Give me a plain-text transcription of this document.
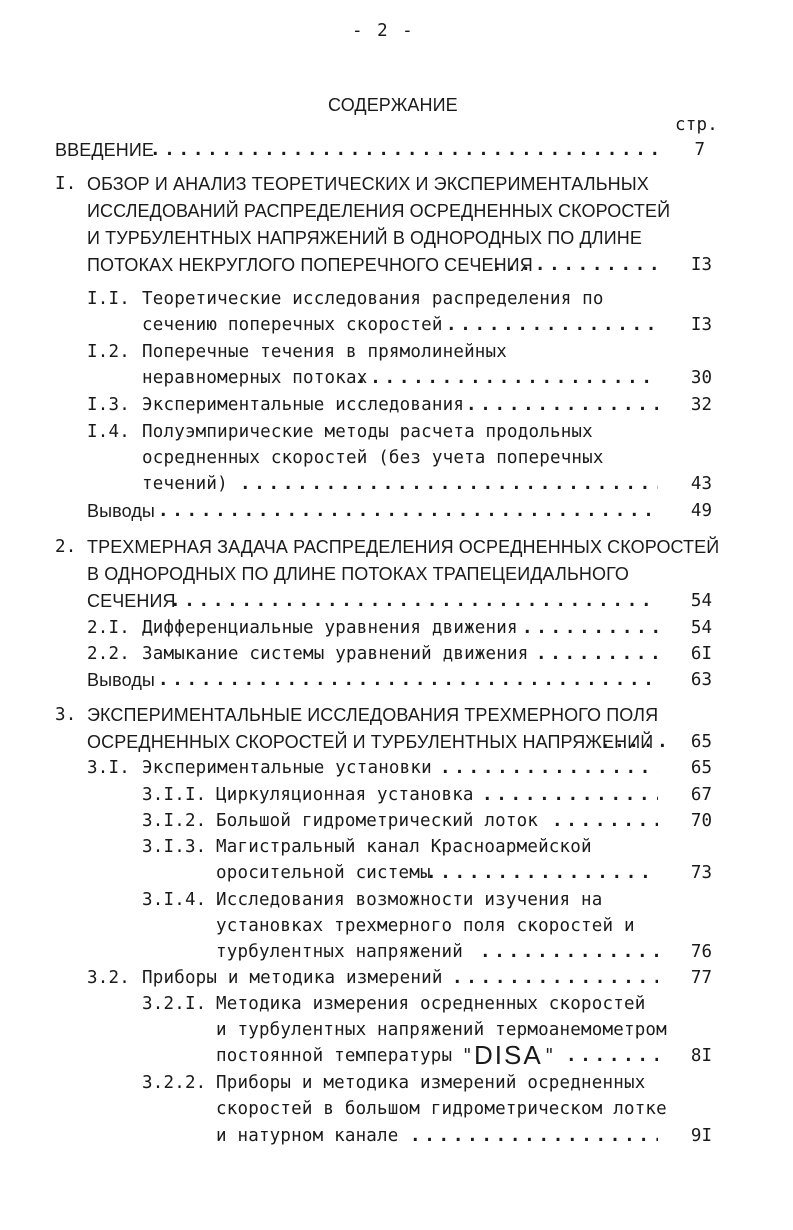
- 2 -
СОДЕРЖАНИЕ
стр.
ВВЕДЕНИЕ . . .	7
I. ОБЗОР И АНАЛИЗ ТЕОРЕТИЧЕСКИХ И ЭКСПЕРИМЕНТАЛЬНЫХ
ИССЛЕДОВАНИЙ РАСПРЕДЕЛЕНИЯ ОСРЕДНЕННЫХ СКОРОСТЕЙ
И ТУРБУЛЕНТНЫХ НАПРЯЖЕНИЙ В ОДНОРОДНЫХ ПО ДЛИНЕ
ПОТОКАХ НЕКРУГЛОГО ПОПЕРЕЧНОГО СЕЧЕНИЯ . . .	I3
I.I. Теоретические исследования распределения по
сечению поперечных скоростей . . .	I3
I.2. Поперечные течения в прямолинейных
неравномерных потоках . . .	30
I.3. Экспериментальные исследования . . .	32
I.4. Полуэмпирические методы расчета продольных
осредненных скоростей (без учета поперечных
течений) . . .	43
Выводы . . .	49
2. ТРЕХМЕРНАЯ ЗАДАЧА РАСПРЕДЕЛЕНИЯ ОСРЕДНЕННЫХ СКОРОСТЕЙ
В ОДНОРОДНЫХ ПО ДЛИНЕ ПОТОКАХ ТРАПЕЦЕИДАЛЬНОГО
СЕЧЕНИЯ . . .	54
2.I. Дифференциальные уравнения движения . . .	54
2.2. Замыкание системы уравнений движения . . .	6I
Выводы . . .	63
3. ЭКСПЕРИМЕНТАЛЬНЫЕ ИССЛЕДОВАНИЯ ТРЕХМЕРНОГО ПОЛЯ
ОСРЕДНЕННЫХ СКОРОСТЕЙ И ТУРБУЛЕНТНЫХ НАПРЯЖЕНИЙ . . .	65
3.I. Экспериментальные установки . . .	65
3.I.I. Циркуляционная установка . . .	67
3.I.2. Большой гидрометрический лоток . . .	70
3.I.3. Магистральный канал Красноармейской
оросительной системы . . .	73
3.I.4. Исследования возможности изучения на
установках трехмерного поля скоростей и
турбулентных напряжений . . .	76
3.2. Приборы и методика измерений . . .	77
3.2.I. Методика измерения осредненных скоростей
и турбулентных напряжений термоанемометром
постоянной температуры " DISA " . . .	8I
3.2.2. Приборы и методика измерений осредненных
скоростей в большом гидрометрическом лотке
и натурном канале . . .	9I
